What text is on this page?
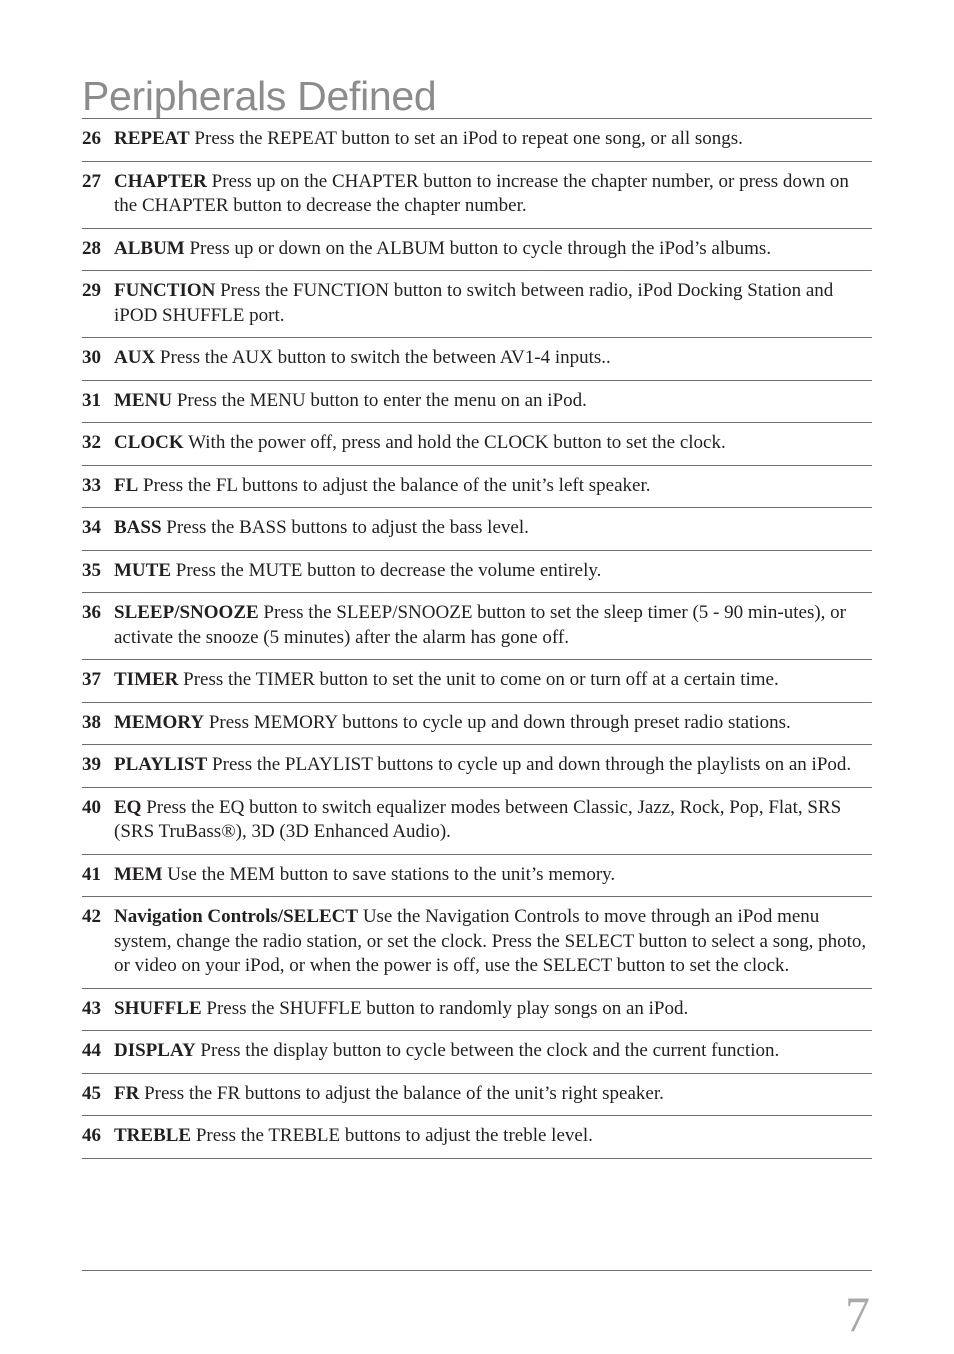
Peripherals Defined
26 REPEAT Press the REPEAT button to set an iPod to repeat one song, or all songs.
27 CHAPTER Press up on the CHAPTER button to increase the chapter number, or press down on the CHAPTER button to decrease the chapter number.
28 ALBUM Press up or down on the ALBUM button to cycle through the iPod’s albums.
29 FUNCTION Press the FUNCTION button to switch between radio, iPod Docking Station and iPOD SHUFFLE port.
30 AUX Press the AUX button to switch the between AV1-4 inputs..
31 MENU Press the MENU button to enter the menu on an iPod.
32 CLOCK With the power off, press and hold the CLOCK button to set the clock.
33 FL Press the FL buttons to adjust the balance of the unit’s left speaker.
34 BASS Press the BASS buttons to adjust the bass level.
35 MUTE Press the MUTE button to decrease the volume entirely.
36 SLEEP/SNOOZE Press the SLEEP/SNOOZE button to set the sleep timer (5 - 90 min-utes), or activate the snooze (5 minutes) after the alarm has gone off.
37 TIMER Press the TIMER button to set the unit to come on or turn off at a certain time.
38 MEMORY Press MEMORY buttons to cycle up and down through preset radio stations.
39 PLAYLIST Press the PLAYLIST buttons to cycle up and down through the playlists on an iPod.
40 EQ Press the EQ button to switch equalizer modes between Classic, Jazz, Rock, Pop, Flat, SRS (SRS TruBass®), 3D (3D Enhanced Audio).
41 MEM Use the MEM button to save stations to the unit’s memory.
42 Navigation Controls/SELECT Use the Navigation Controls to move through an iPod menu system, change the radio station, or set the clock. Press the SELECT button to select a song, photo, or video on your iPod, or when the power is off, use the SELECT button to set the clock.
43 SHUFFLE Press the SHUFFLE button to randomly play songs on an iPod.
44 DISPLAY Press the display button to cycle between the clock and the current function.
45 FR Press the FR buttons to adjust the balance of the unit’s right speaker.
46 TREBLE Press the TREBLE buttons to adjust the treble level.
7
